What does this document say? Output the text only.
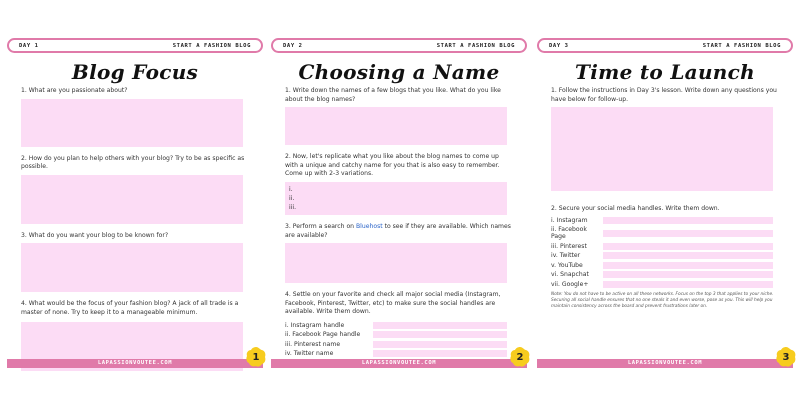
DAY 1	START A FASHION BLOG
Blog Focus
1. What are you passionate about?
2. How do you plan to help others with your blog? Try to be as specific as possible.
3. What do you want your blog to be known for?
4. What would be the focus of your fashion blog? A jack of all trade is a master of none. Try to keep it to a manageable minimum.
LAPASSIONVOUTEE.COM	1
DAY 2	START A FASHION BLOG
Choosing a Name
1. Write down the names of a few blogs that you like. What do you like about the blog names?
2. Now, let's replicate what you like about the blog names to come up with a unique and catchy name for you that is also easy to remember. Come up with 2-3 variations.
i.
ii.
iii.
3. Perform a search on Bluehost to see if they are available. Which names are available?
4. Settle on your favorite and check all major social media (Instagram, Facebook, Pinterest, Twitter, etc) to make sure the social handles are available. Write them down.
i. Instagram handle
ii. Facebook Page handle
iii. Pinterest name
iv. Twitter name
LAPASSIONVOUTEE.COM	2
DAY 3	START A FASHION BLOG
Time to Launch
1. Follow the instructions in Day 3's lesson. Write down any questions you have below for follow-up.
2. Secure your social media handles. Write them down.
i. Instagram
ii. Facebook Page
iii. Pinterest
iv. Twitter
v. YouTube
vi. Snapchat
vii. Google+
Note: You do not have to be active on all these networks. Focus on the top 3 that applies to your niche. Securing all social handle ensures that no one steals it and even worse, pose as you. This will help you maintain consistency across the board and prevent frustrations later on.
LAPASSIONVOUTEE.COM	3
